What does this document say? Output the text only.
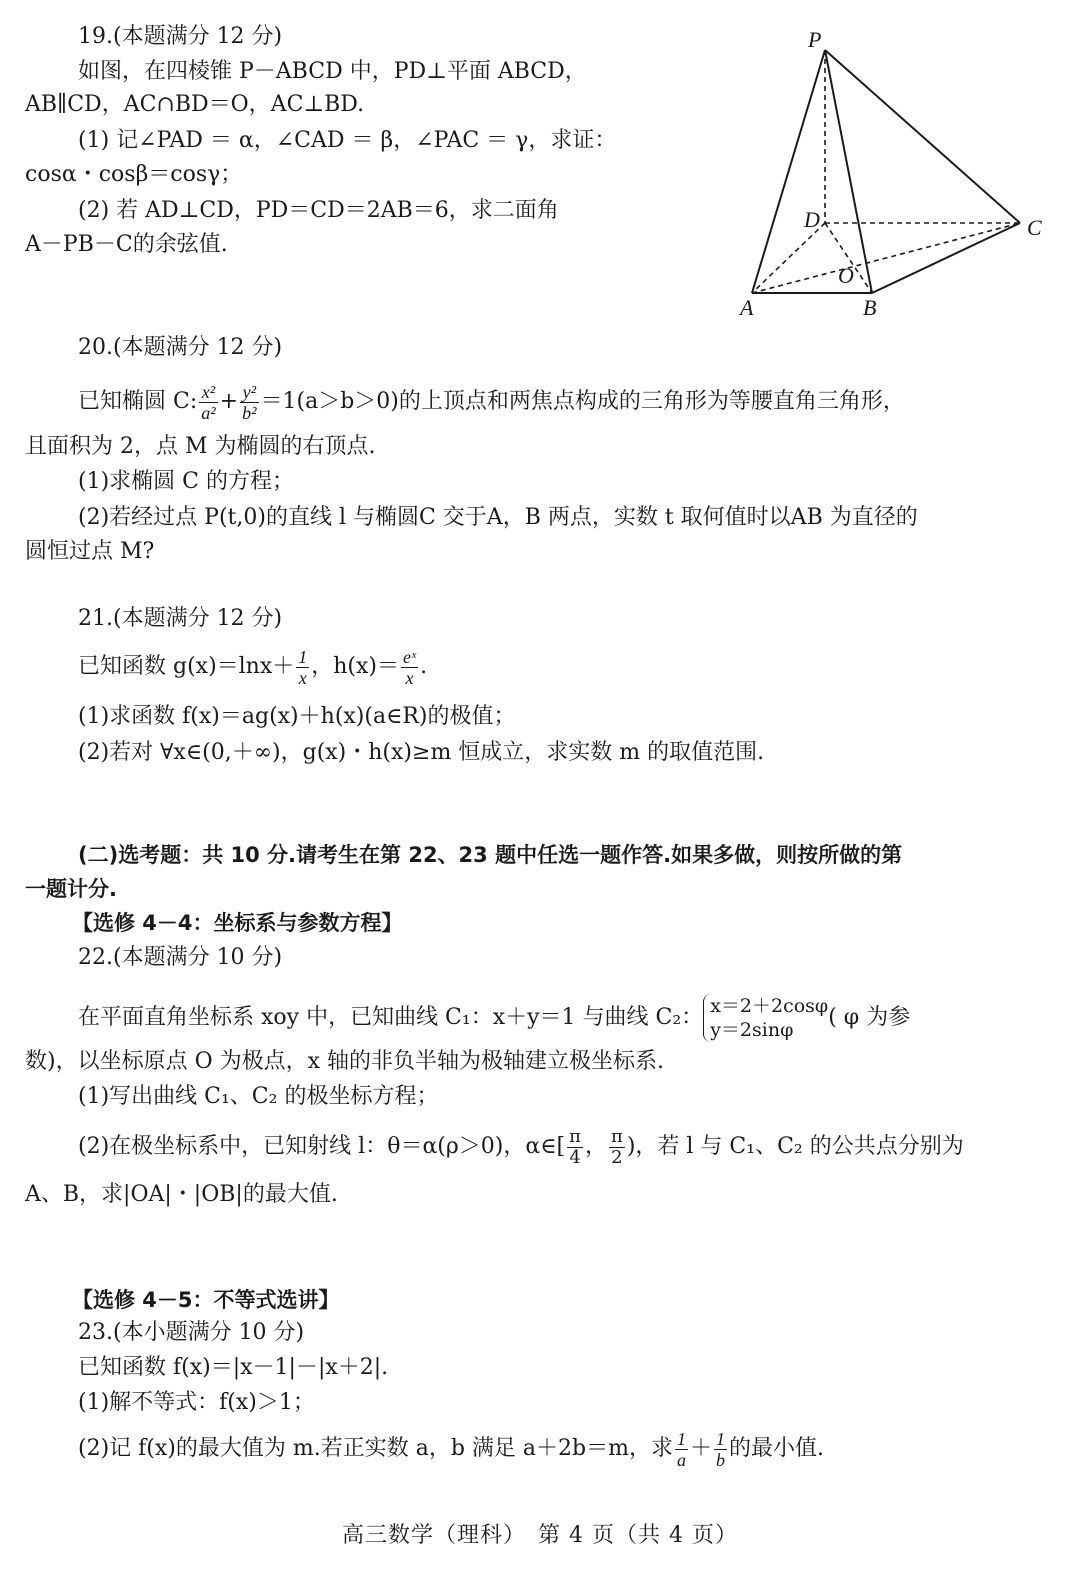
19.(本题满分 12 分)
如图，在四棱锥 P－ABCD 中，PD⊥平面 ABCD，
AB∥CD，AC∩BD＝O，AC⊥BD.
(1) 记∠PAD ＝ α，∠CAD ＝ β，∠PAC ＝ γ，求证：
cosα・cosβ＝cosγ；
(2) 若 AD⊥CD，PD＝CD＝2AB＝6，求二面角
A－PB－C的余弦值.
P
D	C
A	B
O
20.(本题满分 12 分)
已知椭圆 C: $\frac{\text{x²}}{\text{a²}} + \frac{\text{y²}}{\text{b²}} =1(a>b>0)$的上顶点和两焦点构成的三角形为等腰直角三角形，
且面积为 2，点 M 为椭圆的右顶点.
(1)求椭圆 C 的方程；
(2)若经过点 P(t,0)的直线 l 与椭圆C 交于A，B 两点，实数 t 取何值时以AB 为直径的
圆恒过点 M?
21.(本题满分 12 分)
已知函数 $g(x)=\ln x+ \frac{1}{x}$ ，$h(x)= \frac{\text{eˣ}}{x}$ .
(1)求函数 f(x)＝ag(x)＋h(x)(a∈R)的极值；
(2)若对 ∀x∈(0,＋∞)，g(x)・h(x)≥m 恒成立，求实数 m 的取值范围.
(二)选考题：共 10 分.请考生在第 22、23 题中任选一题作答.如果多做，则按所做的第
一题计分.
【选修 4－4：坐标系与参数方程】
22.(本题满分 10 分)
在平面直角坐标系 xoy 中，已知曲线 C₁：x＋y＝1 与曲线 C₂： x＝2＋2cosφ
y＝2sinφ	( φ 为参
数)，以坐标原点 O 为极点，x 轴的非负半轴为极轴建立极坐标系.
(1)写出曲线 C₁、C₂ 的极坐标方程；
(2)在极坐标系中，已知射线 l：θ＝α(ρ＞0)，α∈[ $\frac{\pi}{4}$ ， $\frac{\pi}{2}$ )，若 l 与 C₁、C₂ 的公共点分别为
A、B，求|OA|・|OB|的最大值.
【选修 4－5：不等式选讲】
23.(本小题满分 10 分)
已知函数 f(x)＝|x－1|－|x＋2|.
(1)解不等式：f(x)＞1；
(2)记 f(x)的最大值为 m.若正实数 a，b 满足 a＋2b＝m，求 $\frac{1}{a} + \frac{1}{b}$ 的最小值.
高三数学（理科）　第 4 页（共 4 页）
